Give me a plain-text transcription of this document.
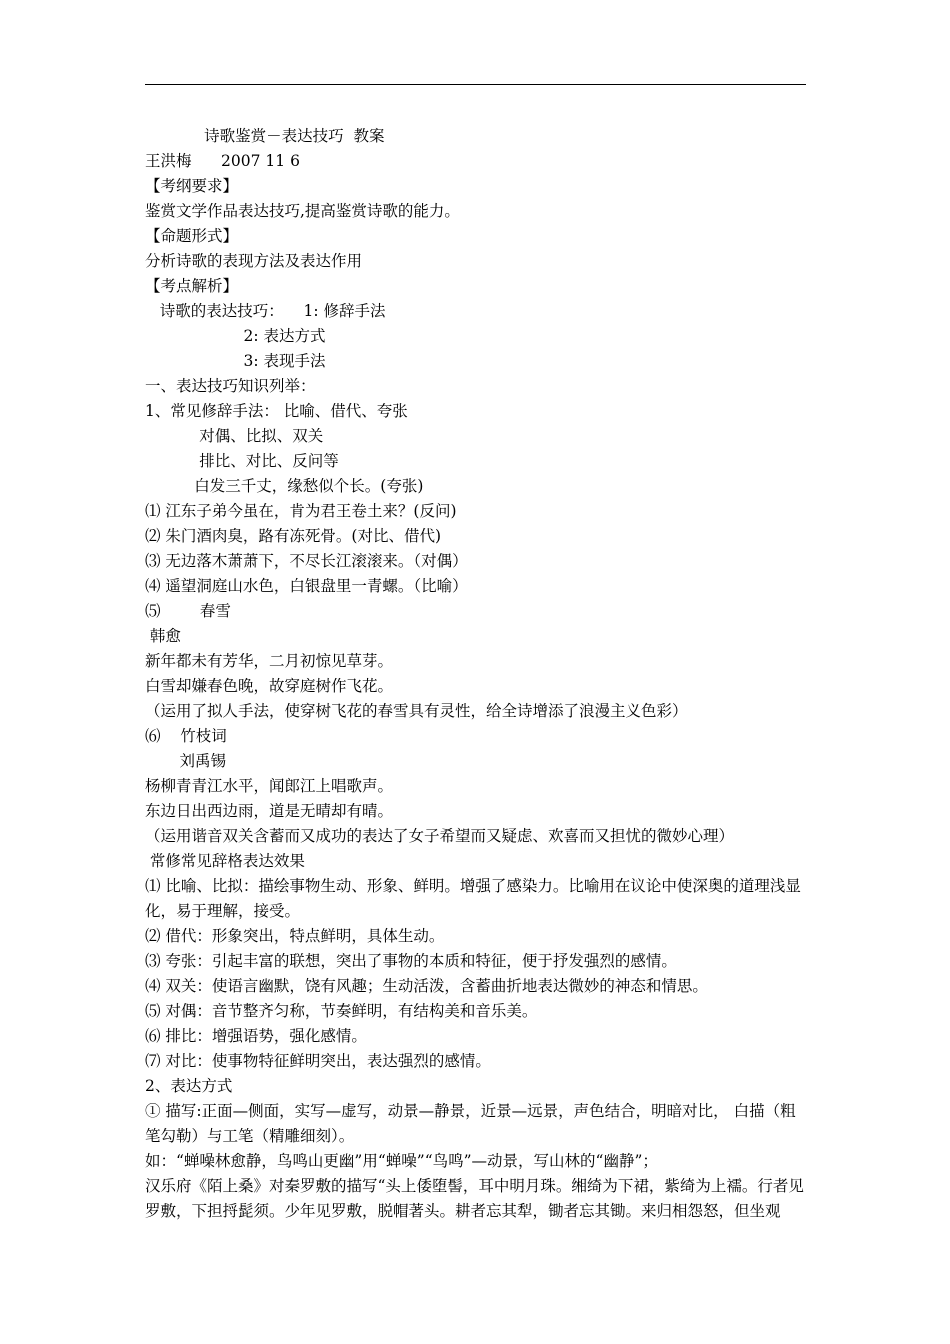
诗歌鉴赏－表达技巧  教案
王洪梅      2007 11 6
【考纲要求】
鉴赏文学作品表达技巧,提高鉴赏诗歌的能力。
【命题形式】
分析诗歌的表现方法及表达作用
【考点解析】
诗歌的表达技巧：    1: 修辞手法
2: 表达方式
3: 表现手法
一、表达技巧知识列举：
1、常见修辞手法： 比喻、借代、夸张
对偶、比拟、双关
排比、对比、反问等
白发三千丈，缘愁似个长。(夸张)
⑴ 江东子弟今虽在，肯为君王卷土来？(反问)
⑵ 朱门酒肉臭，路有冻死骨。(对比、借代)
⑶ 无边落木萧萧下，不尽长江滚滚来。（对偶）
⑷ 遥望洞庭山水色，白银盘里一青螺。（比喻）
⑸        春雪
韩愈
新年都未有芳华，二月初惊见草芽。
白雪却嫌春色晚，故穿庭树作飞花。
（运用了拟人手法，使穿树飞花的春雪具有灵性，给全诗增添了浪漫主义色彩）
⑹    竹枝词
刘禹锡
杨柳青青江水平，闻郎江上唱歌声。
东边日出西边雨，道是无晴却有晴。
（运用谐音双关含蓄而又成功的表达了女子希望而又疑虑、欢喜而又担忧的微妙心理）
常修常见辞格表达效果
⑴ 比喻、比拟：描绘事物生动、形象、鲜明。增强了感染力。比喻用在议论中使深奥的道理浅显化，易于理解，接受。
⑵ 借代：形象突出，特点鲜明，具体生动。
⑶ 夸张：引起丰富的联想，突出了事物的本质和特征，便于抒发强烈的感情。
⑷ 双关：使语言幽默，饶有风趣；生动活泼，含蓄曲折地表达微妙的神态和情思。
⑸ 对偶：音节整齐匀称，节奏鲜明，有结构美和音乐美。
⑹ 排比：增强语势，强化感情。
⑺ 对比：使事物特征鲜明突出，表达强烈的感情。
2、表达方式
① 描写:正面—侧面，实写—虚写，动景—静景，近景—远景，声色结合，明暗对比， 白描（粗笔勾勒）与工笔（精雕细刻）。
如：“蝉噪林愈静，鸟鸣山更幽”用“蝉噪”“鸟鸣”—动景，写山林的“幽静”；
汉乐府《陌上桑》对秦罗敷的描写“头上倭堕髻，耳中明月珠。缃绮为下裙，紫绮为上襦。行者见罗敷，下担捋髭须。少年见罗敷，脱帽著头。耕者忘其犁，锄者忘其锄。来归相怨怒，但坐观
